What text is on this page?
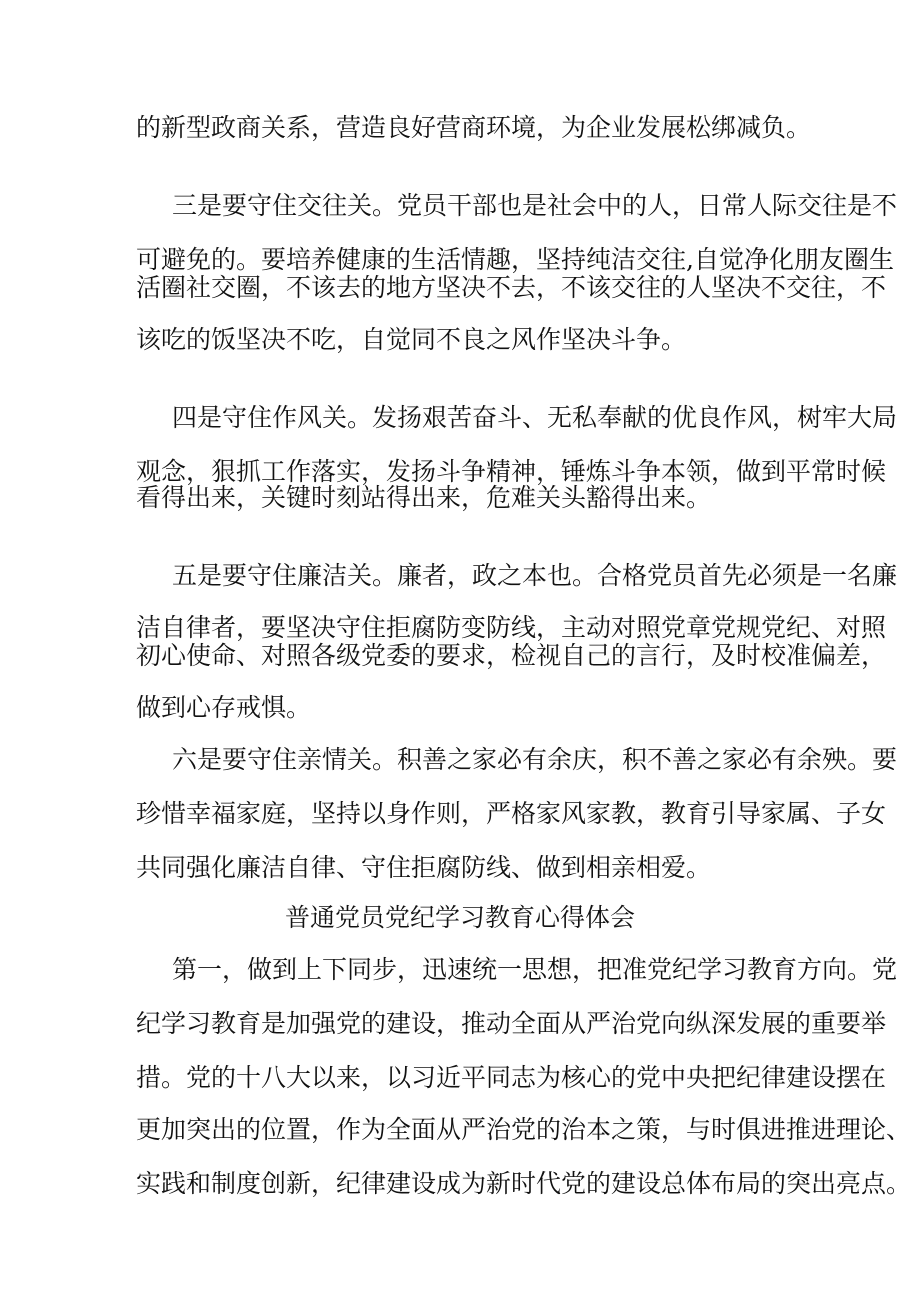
的新型政商关系，营造良好营商环境，为企业发展松绑减负。
三是要守住交往关。党员干部也是社会中的人，日常人际交往是不
可避免的。要培养健康的生活情趣，坚持纯洁交往,自觉净化朋友圈生
活圈社交圈，不该去的地方坚决不去，不该交往的人坚决不交往，不
该吃的饭坚决不吃，自觉同不良之风作坚决斗争。
四是守住作风关。发扬艰苦奋斗、无私奉献的优良作风，树牢大局
观念，狠抓工作落实，发扬斗争精神，锤炼斗争本领，做到平常时候
看得出来，关键时刻站得出来，危难关头豁得出来。
五是要守住廉洁关。廉者，政之本也。合格党员首先必须是一名廉
洁自律者，要坚决守住拒腐防变防线，主动对照党章党规党纪、对照
初心使命、对照各级党委的要求，检视自己的言行，及时校准偏差，
做到心存戒惧。
六是要守住亲情关。积善之家必有余庆，积不善之家必有余殃。要
珍惜幸福家庭，坚持以身作则，严格家风家教，教育引导家属、子女
共同强化廉洁自律、守住拒腐防线、做到相亲相爱。
普通党员党纪学习教育心得体会
第一，做到上下同步，迅速统一思想，把准党纪学习教育方向。党
纪学习教育是加强党的建设，推动全面从严治党向纵深发展的重要举
措。党的十八大以来，以习近平同志为核心的党中央把纪律建设摆在
更加突出的位置，作为全面从严治党的治本之策，与时俱进推进理论、
实践和制度创新，纪律建设成为新时代党的建设总体布局的突出亮点。
